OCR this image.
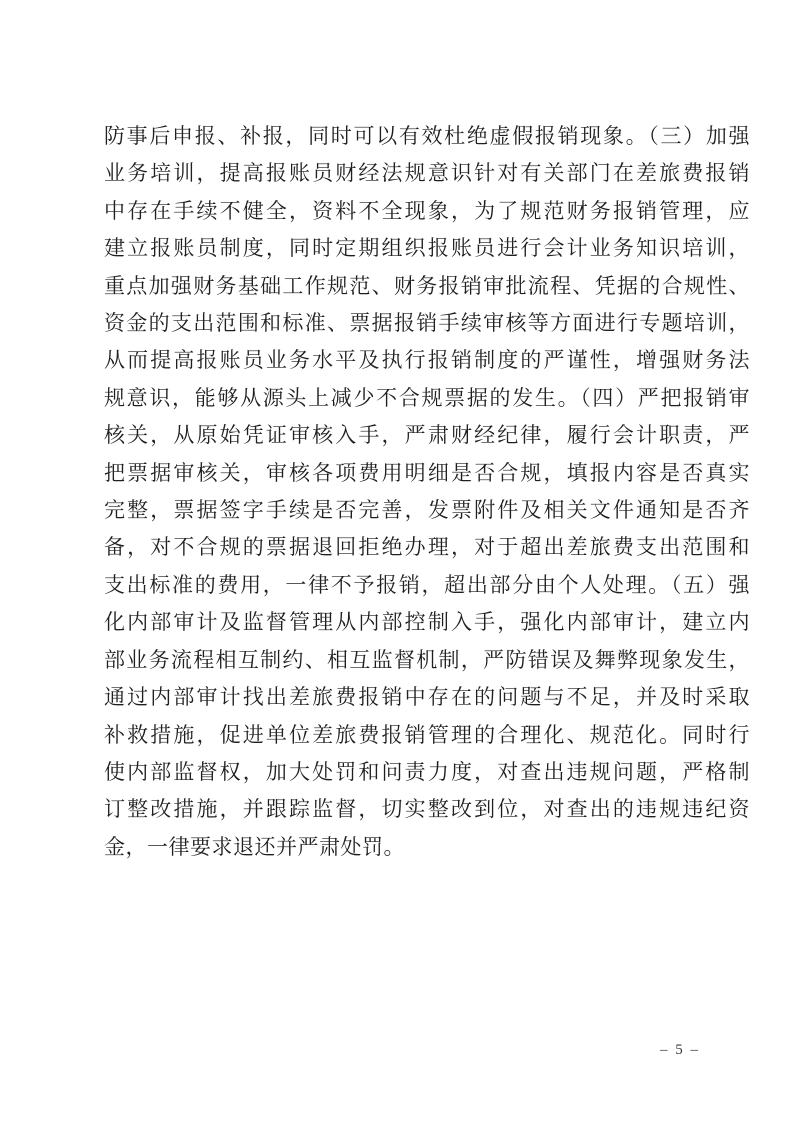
防事后申报、补报，同时可以有效杜绝虚假报销现象。（三）加强
业务培训，提高报账员财经法规意识针对有关部门在差旅费报销
中存在手续不健全，资料不全现象，为了规范财务报销管理，应
建立报账员制度，同时定期组织报账员进行会计业务知识培训，
重点加强财务基础工作规范、财务报销审批流程、凭据的合规性、
资金的支出范围和标准、票据报销手续审核等方面进行专题培训，
从而提高报账员业务水平及执行报销制度的严谨性，增强财务法
规意识，能够从源头上减少不合规票据的发生。（四）严把报销审
核关，从原始凭证审核入手，严肃财经纪律，履行会计职责，严
把票据审核关，审核各项费用明细是否合规，填报内容是否真实
完整，票据签字手续是否完善，发票附件及相关文件通知是否齐
备，对不合规的票据退回拒绝办理，对于超出差旅费支出范围和
支出标准的费用，一律不予报销，超出部分由个人处理。（五）强
化内部审计及监督管理从内部控制入手，强化内部审计，建立内
部业务流程相互制约、相互监督机制，严防错误及舞弊现象发生，
通过内部审计找出差旅费报销中存在的问题与不足，并及时采取
补救措施，促进单位差旅费报销管理的合理化、规范化。同时行
使内部监督权，加大处罚和问责力度，对查出违规问题，严格制
订整改措施，并跟踪监督，切实整改到位，对查出的违规违纪资
金，一律要求退还并严肃处罚。
– 5 –
